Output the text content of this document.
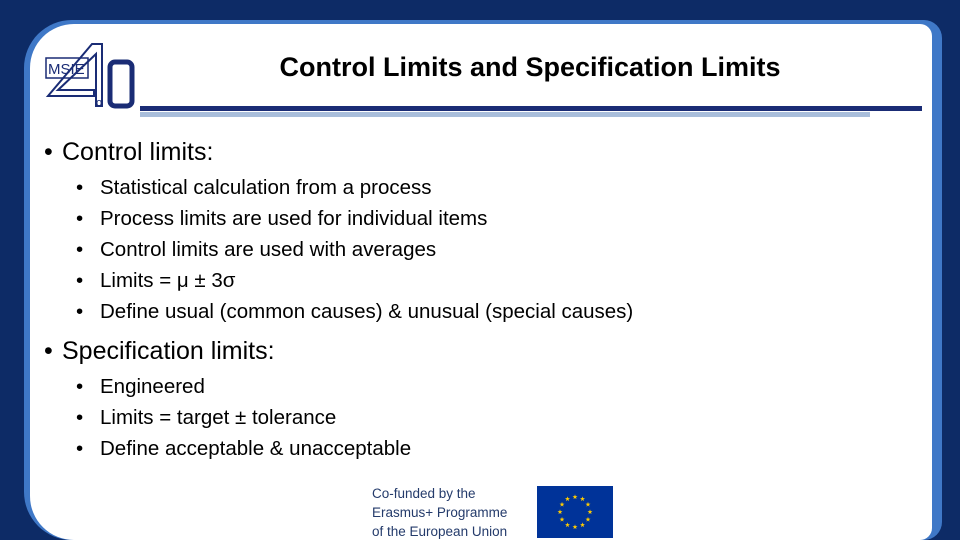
MSIE
o
Control Limits and Specification Limits
• Control limits:
• Statistical calculation from a process
• Process limits are used for individual items
• Control limits are used with averages
• Limits = μ ± 3σ
• Define usual (common causes) & unusual (special causes)
• Specification limits:
• Engineered
• Limits = target ± tolerance
• Define acceptable & unacceptable
Co-funded by the
Erasmus+ Programme
of the European Union
